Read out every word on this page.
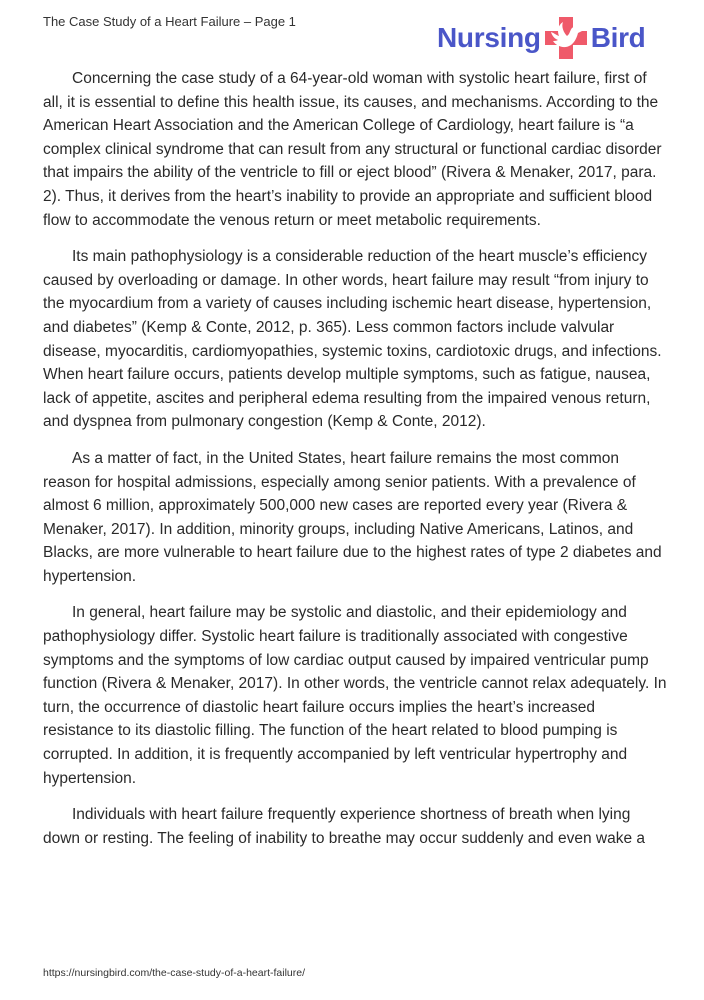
The Case Study of a Heart Failure – Page 1
Nursing Bird

Concerning the case study of a 64-year-old woman with systolic heart failure, first of all, it is essential to define this health issue, its causes, and mechanisms. According to the American Heart Association and the American College of Cardiology, heart failure is “a complex clinical syndrome that can result from any structural or functional cardiac disorder that impairs the ability of the ventricle to fill or eject blood” (Rivera & Menaker, 2017, para. 2). Thus, it derives from the heart’s inability to provide an appropriate and sufficient blood flow to accommodate the venous return or meet metabolic requirements.

Its main pathophysiology is a considerable reduction of the heart muscle’s efficiency caused by overloading or damage. In other words, heart failure may result “from injury to the myocardium from a variety of causes including ischemic heart disease, hypertension, and diabetes” (Kemp & Conte, 2012, p. 365). Less common factors include valvular disease, myocarditis, cardiomyopathies, systemic toxins, cardiotoxic drugs, and infections. When heart failure occurs, patients develop multiple symptoms, such as fatigue, nausea, lack of appetite, ascites and peripheral edema resulting from the impaired venous return, and dyspnea from pulmonary congestion (Kemp & Conte, 2012).

As a matter of fact, in the United States, heart failure remains the most common reason for hospital admissions, especially among senior patients. With a prevalence of almost 6 million, approximately 500,000 new cases are reported every year (Rivera & Menaker, 2017). In addition, minority groups, including Native Americans, Latinos, and Blacks, are more vulnerable to heart failure due to the highest rates of type 2 diabetes and hypertension.

In general, heart failure may be systolic and diastolic, and their epidemiology and pathophysiology differ. Systolic heart failure is traditionally associated with congestive symptoms and the symptoms of low cardiac output caused by impaired ventricular pump function (Rivera & Menaker, 2017). In other words, the ventricle cannot relax adequately. In turn, the occurrence of diastolic heart failure occurs implies the heart’s increased resistance to its diastolic filling. The function of the heart related to blood pumping is corrupted. In addition, it is frequently accompanied by left ventricular hypertrophy and hypertension.

Individuals with heart failure frequently experience shortness of breath when lying down or resting. The feeling of inability to breathe may occur suddenly and even wake a

https://nursingbird.com/the-case-study-of-a-heart-failure/
